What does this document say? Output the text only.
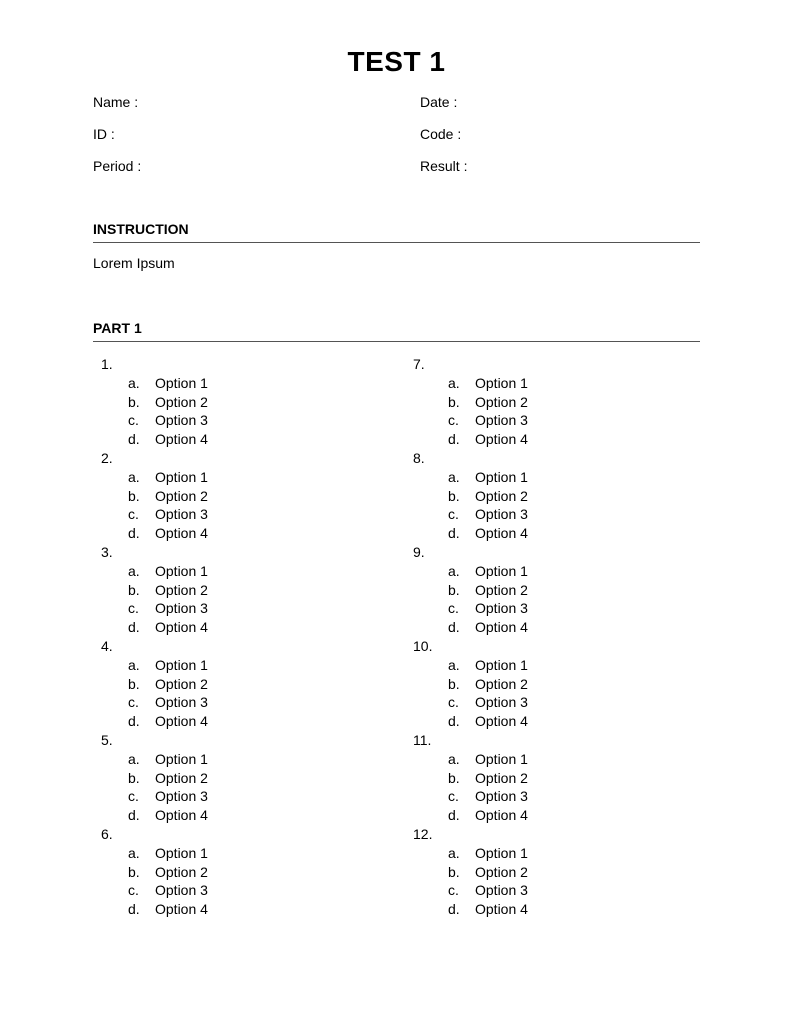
TEST 1
Name :
ID :
Period :
Date :
Code :
Result :
INSTRUCTION
Lorem Ipsum
PART 1
1.
a.	Option 1
b.	Option 2
c.	Option 3
d.	Option 4
2.
a.	Option 1
b.	Option 2
c.	Option 3
d.	Option 4
3.
a.	Option 1
b.	Option 2
c.	Option 3
d.	Option 4
4.
a.	Option 1
b.	Option 2
c.	Option 3
d.	Option 4
5.
a.	Option 1
b.	Option 2
c.	Option 3
d.	Option 4
6.
a.	Option 1
b.	Option 2
c.	Option 3
d.	Option 4
7.
a.	Option 1
b.	Option 2
c.	Option 3
d.	Option 4
8.
a.	Option 1
b.	Option 2
c.	Option 3
d.	Option 4
9.
a.	Option 1
b.	Option 2
c.	Option 3
d.	Option 4
10.
a.	Option 1
b.	Option 2
c.	Option 3
d.	Option 4
11.
a.	Option 1
b.	Option 2
c.	Option 3
d.	Option 4
12.
a.	Option 1
b.	Option 2
c.	Option 3
d.	Option 4
